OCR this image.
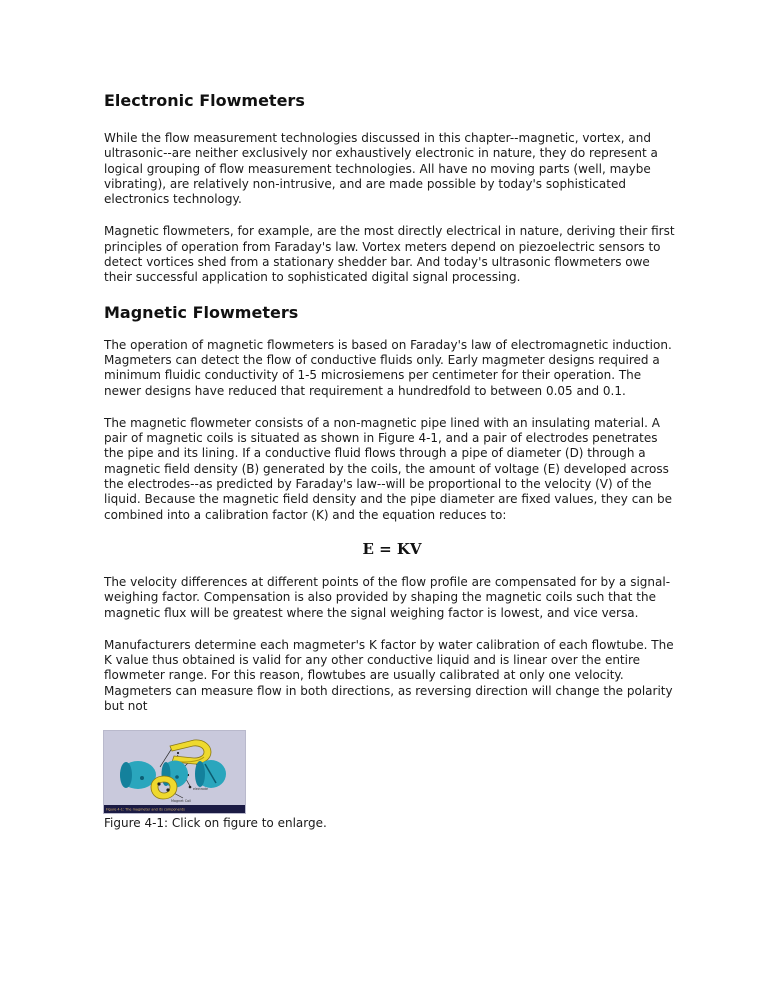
Electronic Flowmeters

While the flow measurement technologies discussed in this chapter--magnetic, vortex, and ultrasonic--are neither exclusively nor exhaustively electronic in nature, they do represent a logical grouping of flow measurement technologies. All have no moving parts (well, maybe vibrating), are relatively non-intrusive, and are made possible by today's sophisticated electronics technology.

Magnetic flowmeters, for example, are the most directly electrical in nature, deriving their first principles of operation from Faraday's law. Vortex meters depend on piezoelectric sensors to detect vortices shed from a stationary shedder bar. And today's ultrasonic flowmeters owe their successful application to sophisticated digital signal processing.

Magnetic Flowmeters

The operation of magnetic flowmeters is based on Faraday's law of electromagnetic induction. Magmeters can detect the flow of conductive fluids only. Early magmeter designs required a minimum fluidic conductivity of 1-5 microsiemens per centimeter for their operation. The newer designs have reduced that requirement a hundredfold to between 0.05 and 0.1.

The magnetic flowmeter consists of a non-magnetic pipe lined with an insulating material. A pair of magnetic coils is situated as shown in Figure 4-1, and a pair of electrodes penetrates the pipe and its lining. If a conductive fluid flows through a pipe of diameter (D) through a magnetic field density (B) generated by the coils, the amount of voltage (E) developed across the electrodes--as predicted by Faraday's law--will be proportional to the velocity (V) of the liquid. Because the magnetic field density and the pipe diameter are fixed values, they can be combined into a calibration factor (K) and the equation reduces to:

E = KV

The velocity differences at different points of the flow profile are compensated for by a signal-weighing factor. Compensation is also provided by shaping the magnetic coils such that the magnetic flux will be greatest where the signal weighing factor is lowest, and vice versa.

Manufacturers determine each magmeter's K factor by water calibration of each flowtube. The K value thus obtained is valid for any other conductive liquid and is linear over the entire flowmeter range. For this reason, flowtubes are usually calibrated at only one velocity. Magmeters can measure flow in both directions, as reversing direction will change the polarity but not

electrode
Magnet Coil
Figure 4-1: The magmeter and its components

Figure 4-1: Click on figure to enlarge.
